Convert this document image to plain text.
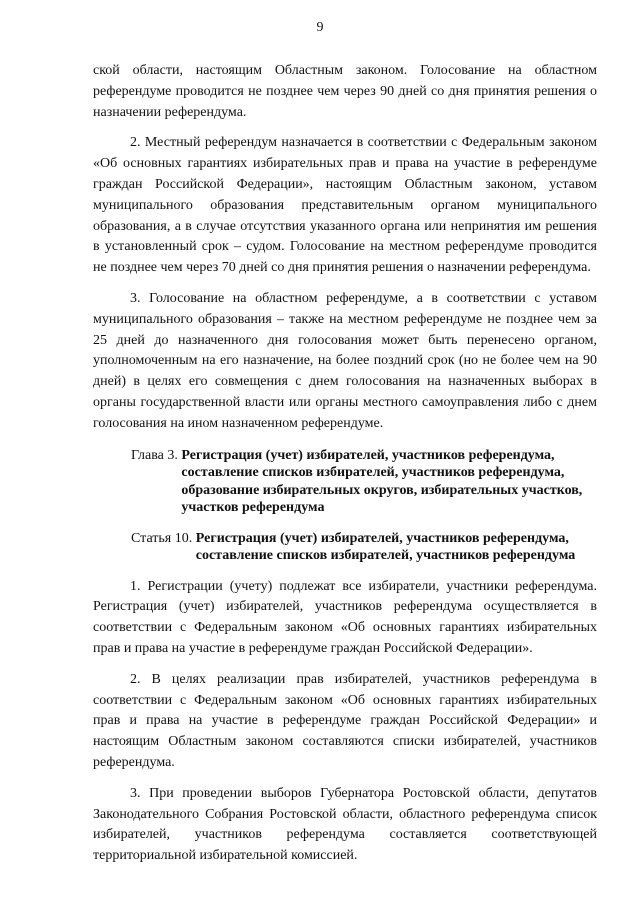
9

ской области, настоящим Областным законом. Голосование на областном референдуме проводится не позднее чем через 90 дней со дня принятия решения о назначении референдума.

2. Местный референдум назначается в соответствии с Федеральным законом «Об основных гарантиях избирательных прав и права на участие в референдуме граждан Российской Федерации», настоящим Областным законом, уставом муниципального образования представительным органом муниципального образования, а в случае отсутствия указанного органа или непринятия им решения в установленный срок – судом. Голосование на местном референдуме проводится не позднее чем через 70 дней со дня принятия решения о назначении референдума.

3. Голосование на областном референдуме, а в соответствии с уставом муниципального образования – также на местном референдуме не позднее чем за 25 дней до назначенного дня голосования может быть перенесено органом, уполномоченным на его назначение, на более поздний срок (но не более чем на 90 дней) в целях его совмещения с днем голосования на назначенных выборах в органы государственной власти или органы местного самоуправления либо с днем голосования на ином назначенном референдуме.

Глава 3. Регистрация (учет) избирателей, участников референдума, составление списков избирателей, участников референдума, образование избирательных округов, избирательных участков, участков референдума
Статья 10. Регистрация (учет) избирателей, участников референдума, составление списков избирателей, участников референдума

1. Регистрации (учету) подлежат все избиратели, участники референдума. Регистрация (учет) избирателей, участников референдума осуществляется в соответствии с Федеральным законом «Об основных гарантиях избирательных прав и права на участие в референдуме граждан Российской Федерации».

2. В целях реализации прав избирателей, участников референдума в соответствии с Федеральным законом «Об основных гарантиях избирательных прав и права на участие в референдуме граждан Российской Федерации» и настоящим Областным законом составляются списки избирателей, участников референдума.

3. При проведении выборов Губернатора Ростовской области, депутатов Законодательного Собрания Ростовской области, областного референдума список избирателей, участников референдума составляется соответствующей территориальной избирательной комиссией.
